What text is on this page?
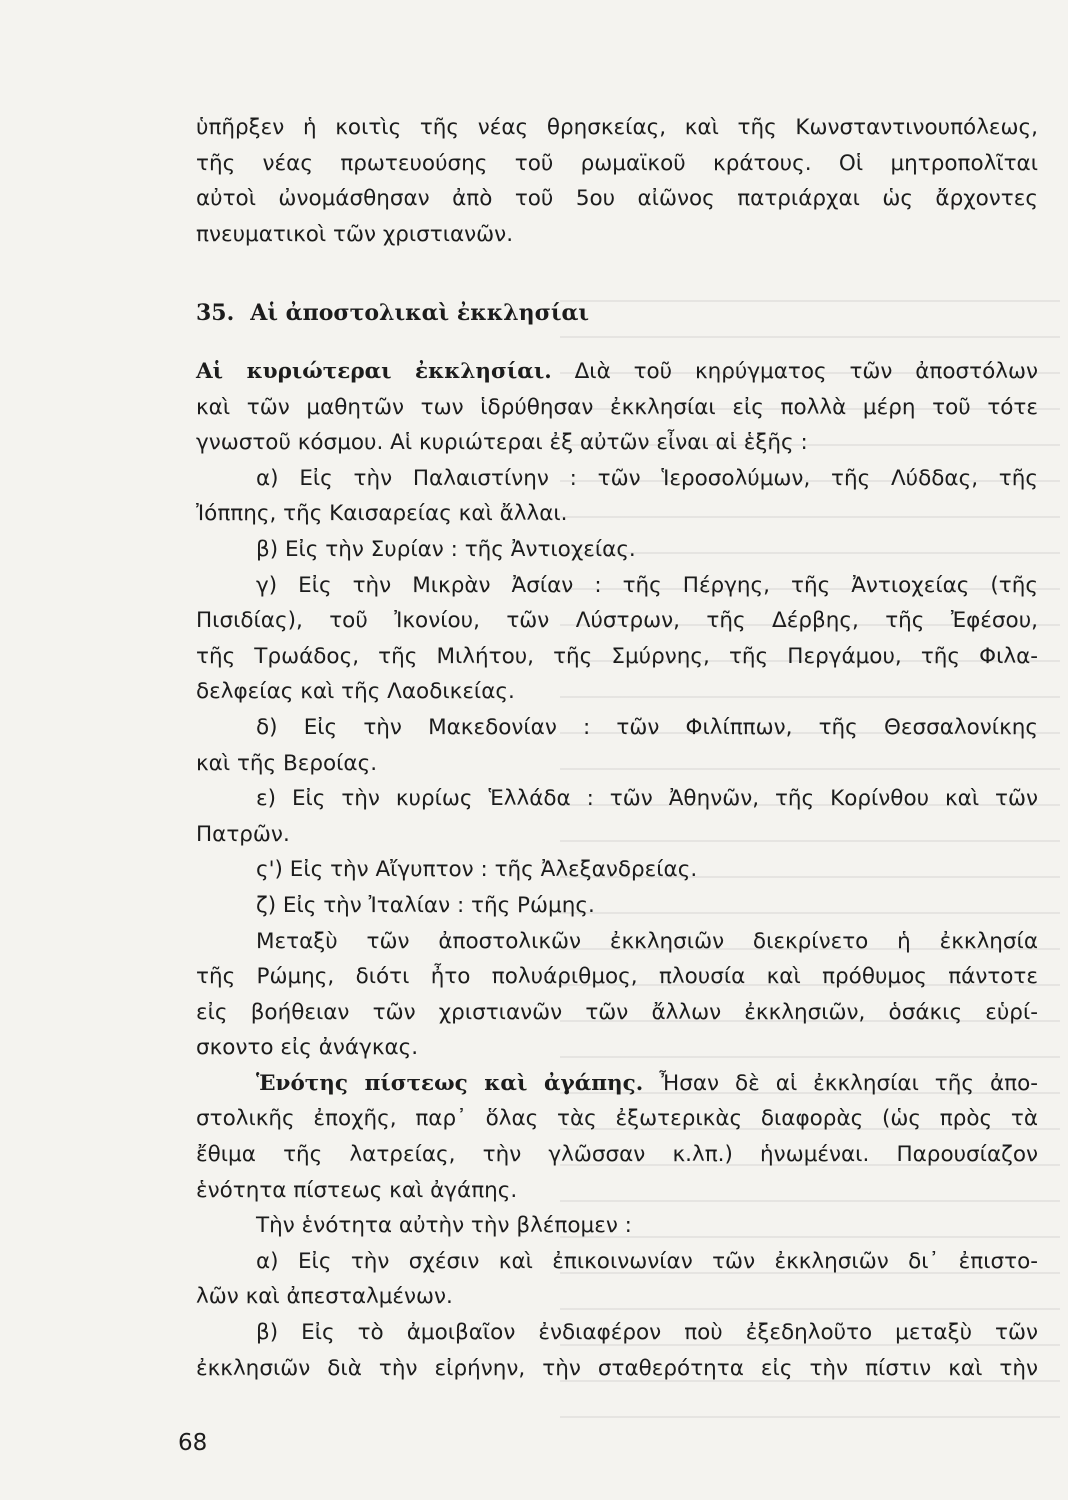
ὑπῆρξεν ἡ κοιτὶς τῆς νέας θρησκείας, καὶ τῆς Κωνσταντινουπόλεως,
τῆς νέας πρωτευούσης τοῦ ρωμαϊκοῦ κράτους. Οἱ μητροπολῖται
αὐτοὶ ὠνομάσθησαν ἀπὸ τοῦ 5ου αἰῶνος πατριάρχαι ὡς ἄρχοντες
πνευματικοὶ τῶν χριστιανῶν.
35. Αἱ ἀποστολικαὶ ἐκκλησίαι
Αἱ κυριώτεραι ἐκκλησίαι. Διὰ τοῦ κηρύγματος τῶν ἀποστόλων
καὶ τῶν μαθητῶν των ἱδρύθησαν ἐκκλησίαι εἰς πολλὰ μέρη τοῦ τότε
γνωστοῦ κόσμου. Αἱ κυριώτεραι ἐξ αὐτῶν εἶναι αἱ ἑξῆς :
α) Εἰς τὴν Παλαιστίνην : τῶν Ἱεροσολύμων, τῆς Λύδδας, τῆς
Ἰόππης, τῆς Καισαρείας καὶ ἄλλαι.
β) Εἰς τὴν Συρίαν : τῆς Ἀντιοχείας.
γ) Εἰς τὴν Μικρὰν Ἀσίαν : τῆς Πέργης, τῆς Ἀντιοχείας (τῆς
Πισιδίας), τοῦ Ἰκονίου, τῶν Λύστρων, τῆς Δέρβης, τῆς Ἐφέσου,
τῆς Τρωάδος, τῆς Μιλήτου, τῆς Σμύρνης, τῆς Περγάμου, τῆς Φιλα-
δελφείας καὶ τῆς Λαοδικείας.
δ) Εἰς τὴν Μακεδονίαν : τῶν Φιλίππων, τῆς Θεσσαλονίκης
καὶ τῆς Βεροίας.
ε) Εἰς τὴν κυρίως Ἑλλάδα : τῶν Ἀθηνῶν, τῆς Κορίνθου καὶ τῶν
Πατρῶν.
ς') Εἰς τὴν Αἴγυπτον : τῆς Ἀλεξανδρείας.
ζ) Εἰς τὴν Ἰταλίαν : τῆς Ρώμης.
Μεταξὺ τῶν ἀποστολικῶν ἐκκλησιῶν διεκρίνετο ἡ ἐκκλησία
τῆς Ρώμης, διότι ἦτο πολυάριθμος, πλουσία καὶ πρόθυμος πάντοτε
εἰς βοήθειαν τῶν χριστιανῶν τῶν ἄλλων ἐκκλησιῶν, ὁσάκις εὑρί-
σκοντο εἰς ἀνάγκας.
Ἑνότης πίστεως καὶ ἀγάπης. Ἦσαν δὲ αἱ ἐκκλησίαι τῆς ἀπο-
στολικῆς ἐποχῆς, παρ᾽ ὅλας τὰς ἐξωτερικὰς διαφορὰς (ὡς πρὸς τὰ
ἔθιμα τῆς λατρείας, τὴν γλῶσσαν κ.λπ.) ἡνωμέναι. Παρουσίαζον
ἑνότητα πίστεως καὶ ἀγάπης.
Τὴν ἑνότητα αὐτὴν τὴν βλέπομεν :
α) Εἰς τὴν σχέσιν καὶ ἐπικοινωνίαν τῶν ἐκκλησιῶν δι᾽ ἐπιστο-
λῶν καὶ ἀπεσταλμένων.
β) Εἰς τὸ ἀμοιβαῖον ἐνδιαφέρον ποὺ ἐξεδηλοῦτο μεταξὺ τῶν
ἐκκλησιῶν διὰ τὴν εἰρήνην, τὴν σταθερότητα εἰς τὴν πίστιν καὶ τὴν
68
